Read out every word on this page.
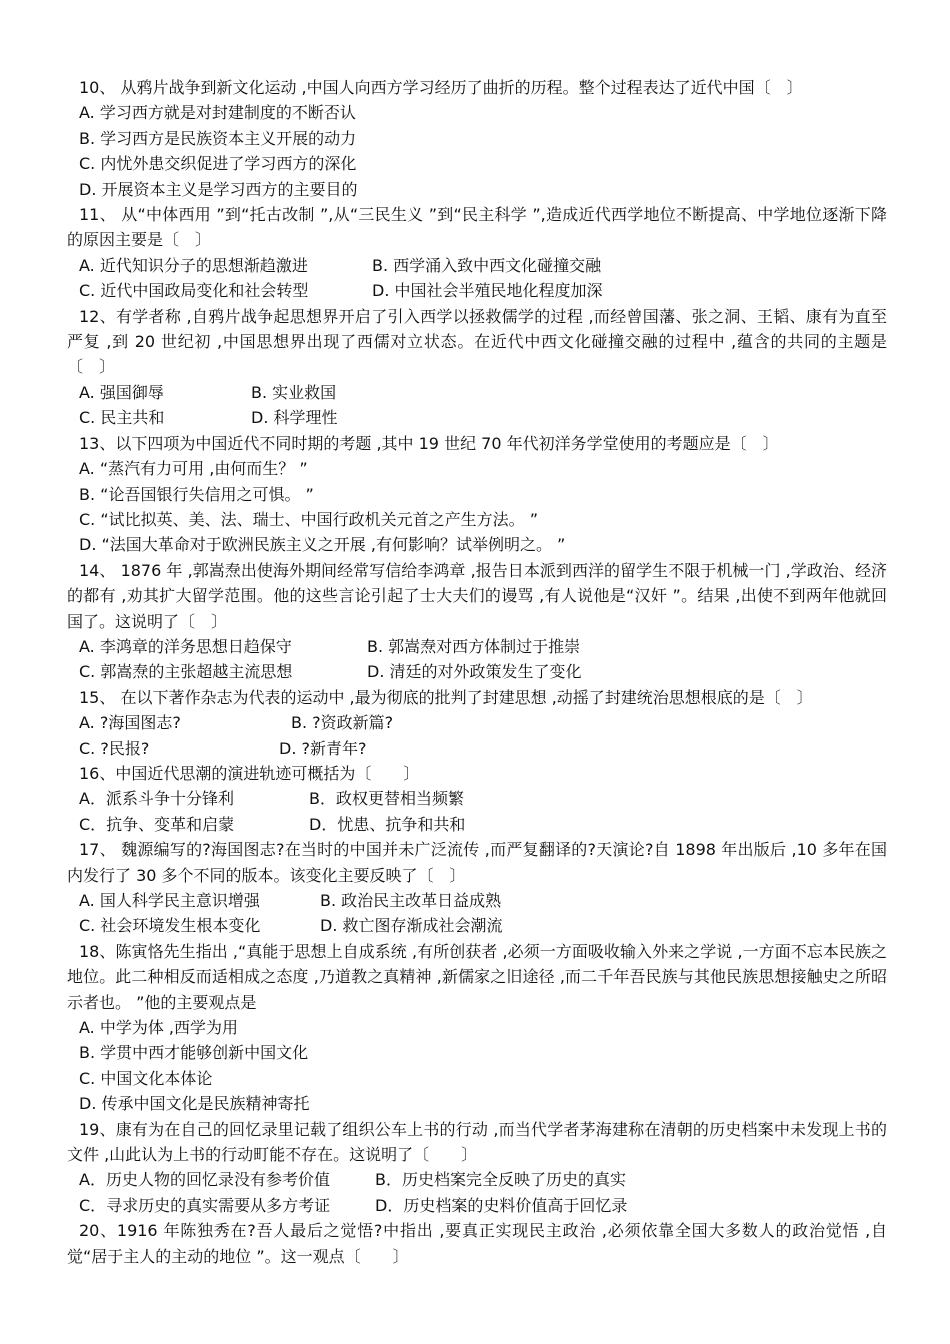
10、 从鸦片战争到新文化运动 ,中国人向西方学习经历了曲折的历程。整个过程表达了近代中国〔　〕
A. 学习西方就是对封建制度的不断否认
B. 学习西方是民族资本主义开展的动力
C. 内忧外患交织促进了学习西方的深化
D. 开展资本主义是学习西方的主要目的
11、 从“中体西用 ”到“托古改制 ”,从“三民生义 ”到“民主科学 ”,造成近代西学地位不断提高、中学地位逐渐下降的原因主要是〔　〕
A. 近代知识分子的思想渐趋激进	B. 西学涌入致中西文化碰撞交融
C. 近代中国政局变化和社会转型	D. 中国社会半殖民地化程度加深
12、有学者称 ,自鸦片战争起思想界开启了引入西学以拯救儒学的过程 ,而经曾国藩、张之洞、王韬、康有为直至严复 ,到 20 世纪初 ,中国思想界出现了西儒对立状态。在近代中西文化碰撞交融的过程中 ,蕴含的共同的主题是〔　〕
A. 强国御辱	B. 实业救国
C. 民主共和	D. 科学理性
13、以下四项为中国近代不同时期的考题 ,其中 19 世纪 70 年代初洋务学堂使用的考题应是〔　〕
A. “蒸汽有力可用 ,由何而生？ ”
B. “论吾国银行失信用之可惧。 ”
C. “试比拟英、美、法、瑞士、中国行政机关元首之产生方法。 ”
D. “法国大革命对于欧洲民族主义之开展 ,有何影响？试举例明之。 ”
14、 1876 年 ,郭嵩焘出使海外期间经常写信给李鸿章 ,报告日本派到西洋的留学生不限于机械一门 ,学政治、经济的都有 ,劝其扩大留学范围。他的这些言论引起了士大夫们的谩骂 ,有人说他是“汉奸 ”。结果 ,出使不到两年他就回国了。这说明了〔　〕
A. 李鸿章的洋务思想日趋保守	B. 郭嵩焘对西方体制过于推崇
C. 郭嵩焘的主张超越主流思想	D. 清廷的对外政策发生了变化
15、 在以下著作杂志为代表的运动中 ,最为彻底的批判了封建思想 ,动摇了封建统治思想根底的是〔　〕
A. ?海国图志?	B. ?资政新篇?
C. ?民报?	D. ?新青年?
16、中国近代思潮的演进轨迹可概括为〔　　〕
A．派系斗争十分锋利	B．政权更替相当频繁
C．抗争、变革和启蒙	D．忧患、抗争和共和
17、 魏源编写的?海国图志?在当时的中国并未广泛流传 ,而严复翻译的?天演论?自 1898 年出版后 ,10 多年在国内发行了 30 多个不同的版本。该变化主要反映了〔　〕
A. 国人科学民主意识增强	B. 政治民主改革日益成熟
C. 社会环境发生根本变化	D. 救亡图存渐成社会潮流
18、陈寅恪先生指出 ,“真能于思想上自成系统 ,有所创获者 ,必须一方面吸收输入外来之学说 ,一方面不忘本民族之地位。此二种相反而适相成之态度 ,乃道教之真精神 ,新儒家之旧途径 ,而二千年吾民族与其他民族思想接触史之所昭示者也。 ”他的主要观点是
A. 中学为体 ,西学为用
B. 学贯中西才能够创新中国文化
C. 中国文化本体论
D. 传承中国文化是民族精神寄托
19、康有为在自己的回忆录里记载了组织公车上书的行动 ,而当代学者茅海建称在清朝的历史档案中未发现上书的文件 ,山此认为上书的行动町能不存在。这说明了〔　　〕
A．历史人物的回忆录没有参考价值	B．历史档案完全反映了历史的真实
C．寻求历史的真实需要从多方考证	D．历史档案的史料价值高于回忆录
20、1916 年陈独秀在?吾人最后之觉悟?中指出 ,要真正实现民主政治 ,必须依靠全国大多数人的政治觉悟 ,自觉“居于主人的主动的地位 ”。这一观点〔　　〕
